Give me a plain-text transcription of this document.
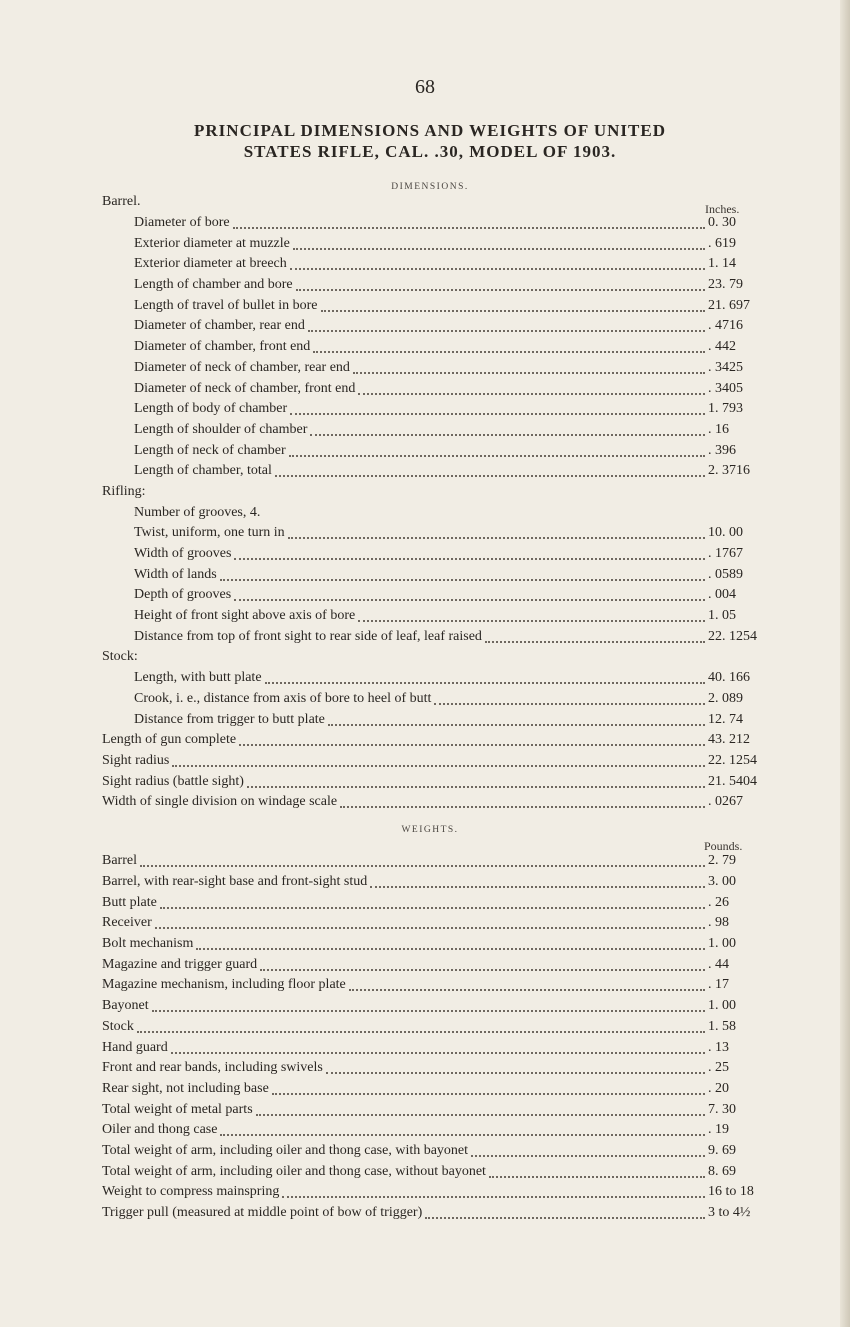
68
PRINCIPAL DIMENSIONS AND WEIGHTS OF UNITED
STATES RIFLE, CAL. .30, MODEL OF 1903.
DIMENSIONS.
Inches.
Barrel.
Diameter of bore	0. 30
Exterior diameter at muzzle	. 619
Exterior diameter at breech	1. 14
Length of chamber and bore	23. 79
Length of travel of bullet in bore	21. 697
Diameter of chamber, rear end	. 4716
Diameter of chamber, front end	. 442
Diameter of neck of chamber, rear end	. 3425
Diameter of neck of chamber, front end	. 3405
Length of body of chamber	1. 793
Length of shoulder of chamber	. 16
Length of neck of chamber	. 396
Length of chamber, total	2. 3716
Rifling:
Number of grooves, 4.
Twist, uniform, one turn in	10. 00
Width of grooves	. 1767
Width of lands	. 0589
Depth of grooves	. 004
Height of front sight above axis of bore	1. 05
Distance from top of front sight to rear side of leaf, leaf raised	22. 1254
Stock:
Length, with butt plate	40. 166
Crook, i. e., distance from axis of bore to heel of butt	2. 089
Distance from trigger to butt plate	12. 74
Length of gun complete	43. 212
Sight radius	22. 1254
Sight radius (battle sight)	21. 5404
Width of single division on windage scale	. 0267
WEIGHTS.
Pounds.
Barrel	2. 79
Barrel, with rear-sight base and front-sight stud	3. 00
Butt plate	. 26
Receiver	. 98
Bolt mechanism	1. 00
Magazine and trigger guard	. 44
Magazine mechanism, including floor plate	. 17
Bayonet	1. 00
Stock	1. 58
Hand guard	. 13
Front and rear bands, including swivels	. 25
Rear sight, not including base	. 20
Total weight of metal parts	7. 30
Oiler and thong case	. 19
Total weight of arm, including oiler and thong case, with bayonet	9. 69
Total weight of arm, including oiler and thong case, without bayonet	8. 69
Weight to compress mainspring	16 to 18
Trigger pull (measured at middle point of bow of trigger)	3 to 4½
